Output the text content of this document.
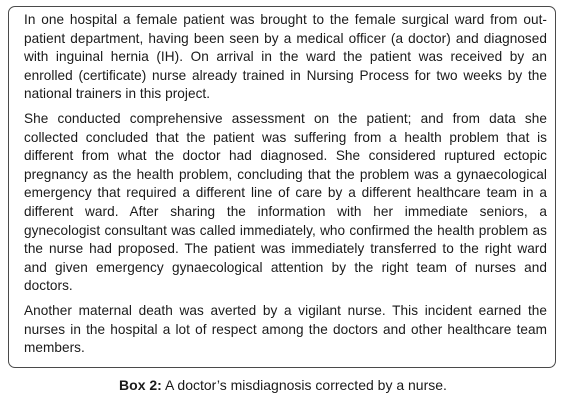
In one hospital a female patient was brought to the female surgical ward from out-patient department, having been seen by a medical officer (a doctor) and diagnosed with inguinal hernia (IH). On arrival in the ward the patient was received by an enrolled (certificate) nurse already trained in Nursing Process for two weeks by the national trainers in this project.

She conducted comprehensive assessment on the patient; and from data she collected concluded that the patient was suffering from a health problem that is different from what the doctor had diagnosed. She considered ruptured ectopic pregnancy as the health problem, concluding that the problem was a gynaecological emergency that required a different line of care by a different healthcare team in a different ward. After sharing the information with her immediate seniors, a gynecologist consultant was called immediately, who confirmed the health problem as the nurse had proposed. The patient was immediately transferred to the right ward and given emergency gynaecological attention by the right team of nurses and doctors.

Another maternal death was averted by a vigilant nurse. This incident earned the nurses in the hospital a lot of respect among the doctors and other healthcare team members.

Box 2: A doctor’s misdiagnosis corrected by a nurse.
